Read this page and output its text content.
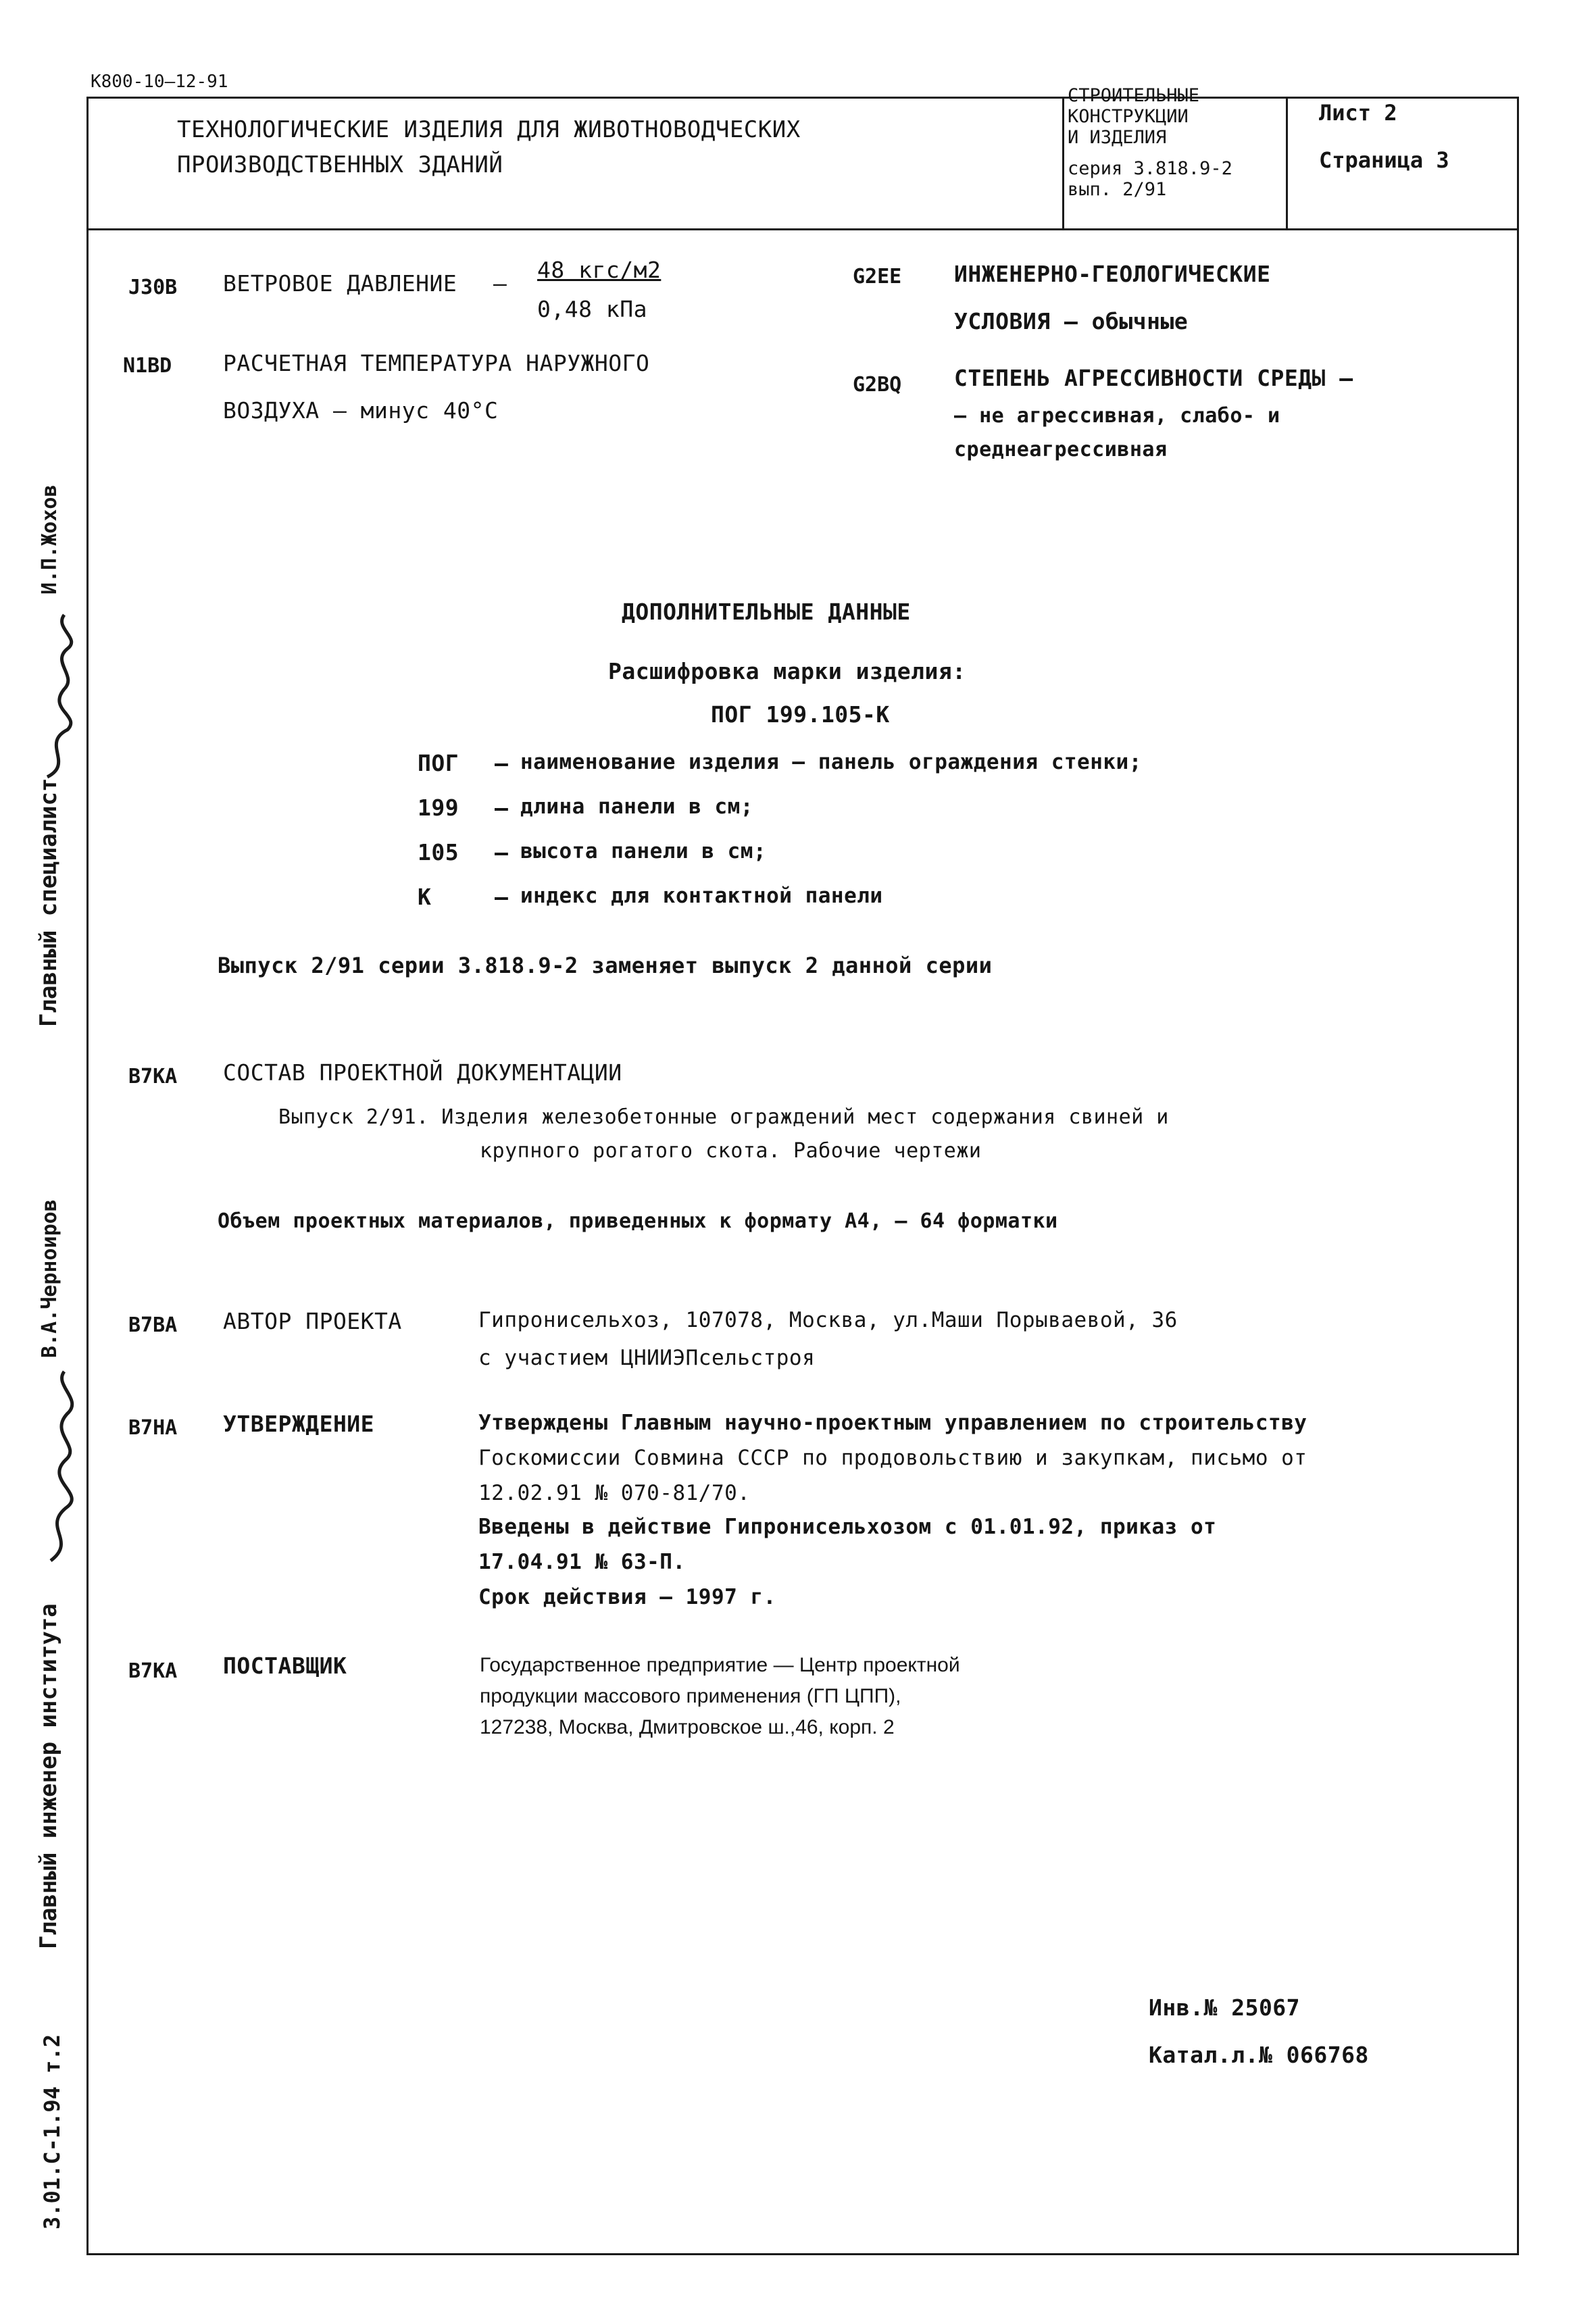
К800-10—12-91
ТЕХНОЛОГИЧЕСКИЕ ИЗДЕЛИЯ ДЛЯ ЖИВОТНОВОДЧЕСКИХ
ПРОИЗВОДСТВЕННЫХ ЗДАНИЙ
СТРОИТЕЛЬНЫЕ
КОНСТРУКЦИИ
И ИЗДЕЛИЯ
серия 3.818.9-2
вып. 2/91
Лист 2
Страница 3
J30B ВЕТРОВОЕ ДАВЛЕНИЕ –
48 кгс/м2
0,48 кПа
N1BD РАСЧЕТНАЯ ТЕМПЕРАТУРА НАРУЖНОГО
ВОЗДУХА – минус 40°С
G2EE ИНЖЕНЕРНО-ГЕОЛОГИЧЕСКИЕ
УСЛОВИЯ – обычные
G2BQ СТЕПЕНЬ АГРЕССИВНОСТИ СРЕДЫ –
– не агрессивная, слабо- и
среднеагрессивная
ДОПОЛНИТЕЛЬНЫЕ ДАННЫЕ
Расшифровка марки изделия:
ПОГ 199.105-К
ПОГ – наименование изделия – панель ограждения стенки;
199 – длина панели в см;
105 – высота панели в см;
К	– индекс для контактной панели
Выпуск 2/91 серии 3.818.9-2 заменяет выпуск 2 данной серии
B7KA СОСТАВ ПРОЕКТНОЙ ДОКУМЕНТАЦИИ
Выпуск 2/91. Изделия железобетонные ограждений мест содержания свиней и
крупного рогатого скота. Рабочие чертежи
Объем проектных материалов, приведенных к формату А4, – 64 форматки
B7BA АВТОР ПРОЕКТА	Гипронисельхоз, 107078, Москва, ул.Маши Порываевой, 36
с участием ЦНИИЭПсельстроя
B7HA УТВЕРЖДЕНИЕ	Утверждены Главным научно-проектным управлением по строительству
Госкомиссии Совмина СССР по продовольствию и закупкам, письмо от
12.02.91 № 070-81/70.
Введены в действие Гипронисельхозом с 01.01.92, приказ от
17.04.91 № 63-П.
Срок действия – 1997 г.
B7KA ПОСТАВЩИК	Государственное предприятие — Центр проектной
продукции массового применения (ГП ЦПП),
127238, Москва, Дмитровское ш.,46, корп. 2
Инв.№ 25067
Катал.л.№ 066768
Главный специалист
И.П.Жохов
Главный инженер института
В.А.Черноиров
3.01.С-1.94 т.2
